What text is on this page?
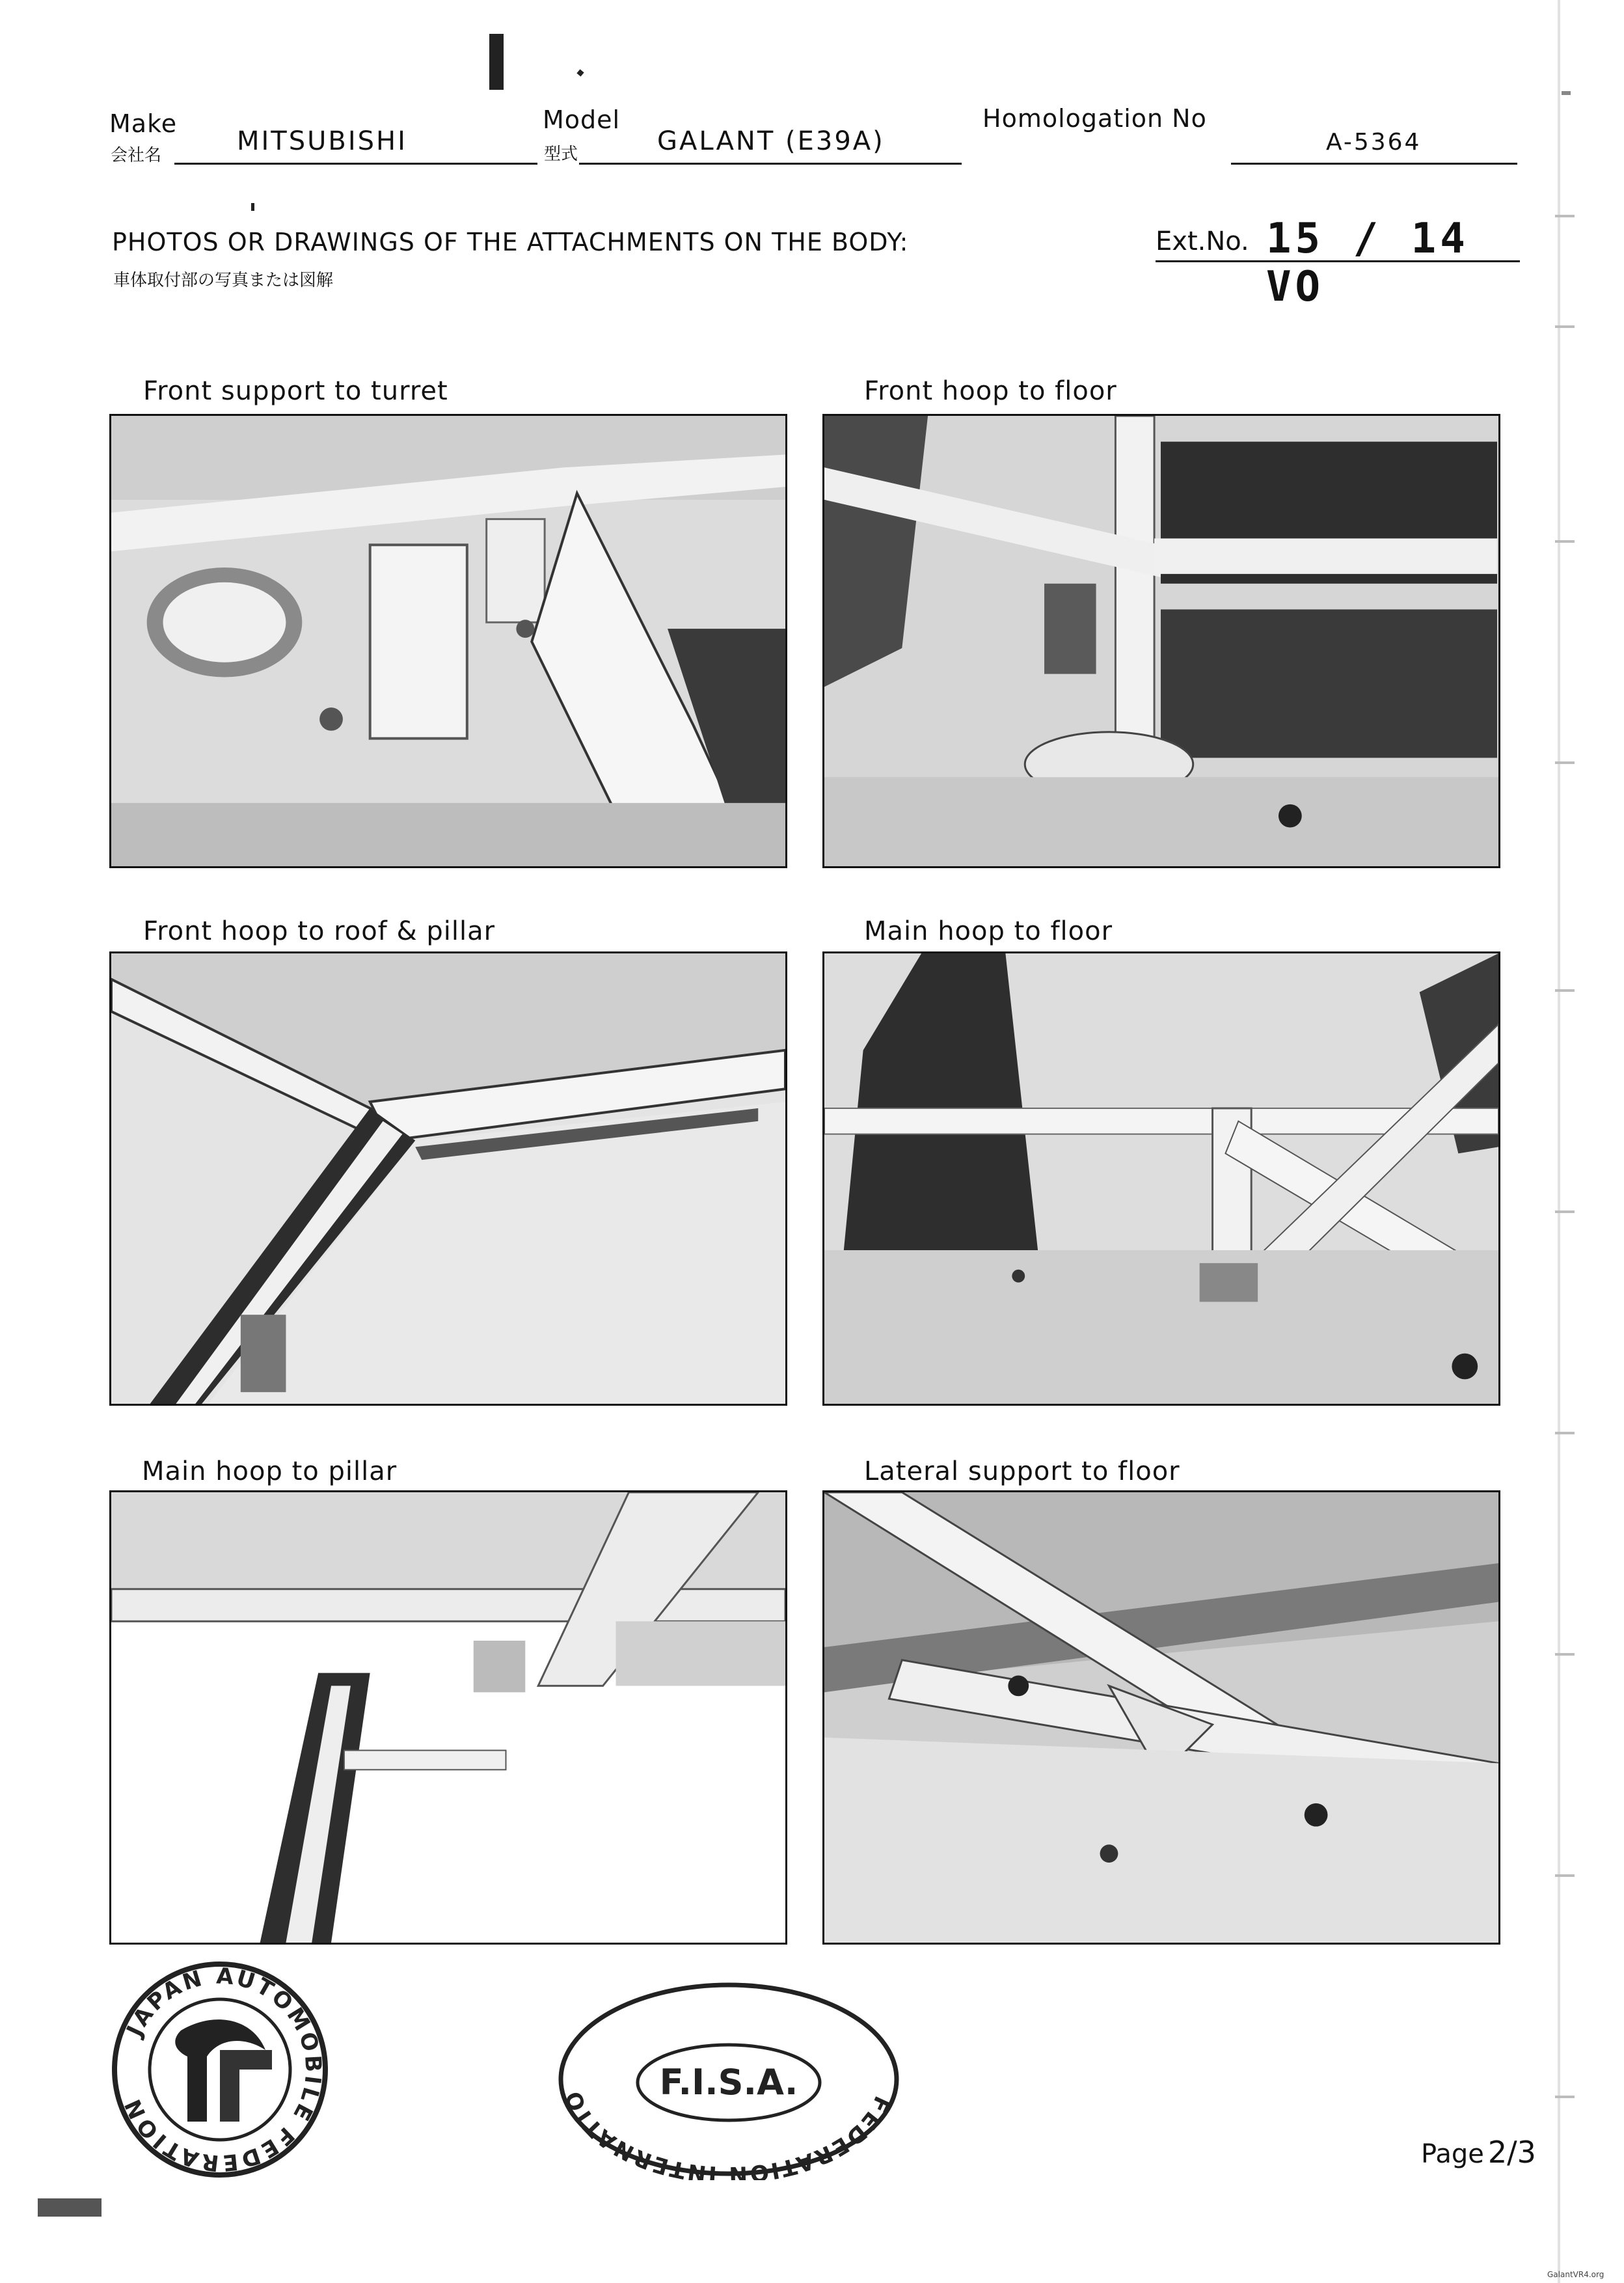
Make
会社名	MITSUBISHI
Model
型式	GALANT (E39A)
Homologation No
A-5364
PHOTOS OR DRAWINGS OF THE ATTACHMENTS ON THE BODY:
車体取付部の写真または図解
Ext.No. 15 / 14 VO
Front support to turret	Front hoop to floor
Front hoop to roof & pillar	Main hoop to floor
Main hoop to pillar	Lateral support to floor
JAPAN AUTOMOBILE FEDERATION	FEDERATION INTERNATIO	F.I.S.A.
Page 2/3
GalantVR4.org
